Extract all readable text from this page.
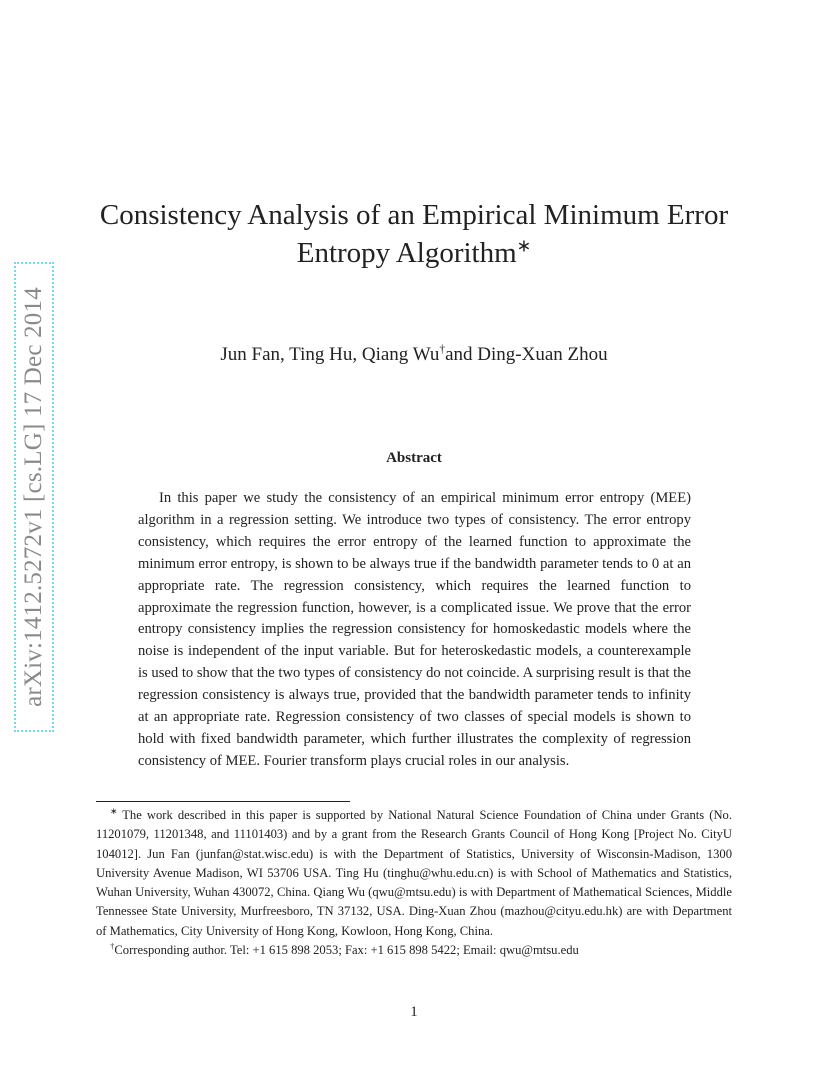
arXiv:1412.5272v1 [cs.LG] 17 Dec 2014
Consistency Analysis of an Empirical Minimum Error
Entropy Algorithm∗
Jun Fan, Ting Hu, Qiang Wu†and Ding-Xuan Zhou
Abstract
In this paper we study the consistency of an empirical minimum error entropy (MEE) algorithm in a regression setting. We introduce two types of consistency. The error entropy consistency, which requires the error entropy of the learned function to approximate the minimum error entropy, is shown to be always true if the bandwidth parameter tends to 0 at an appropriate rate. The regression consistency, which requires the learned function to approximate the regression function, however, is a complicated issue. We prove that the error entropy consistency implies the regression consistency for homoskedastic models where the noise is independent of the input variable. But for heteroskedastic models, a counterexample is used to show that the two types of consistency do not coincide. A surprising result is that the regression consistency is always true, provided that the bandwidth parameter tends to infinity at an appropriate rate. Regression consistency of two classes of special models is shown to hold with fixed bandwidth parameter, which further illustrates the complexity of regression consistency of MEE. Fourier transform plays crucial roles in our analysis.

∗ The work described in this paper is supported by National Natural Science Foundation of China under Grants (No. 11201079, 11201348, and 11101403) and by a grant from the Research Grants Council of Hong Kong [Project No. CityU 104012]. Jun Fan (junfan@stat.wisc.edu) is with the Department of Statistics, University of Wisconsin-Madison, 1300 University Avenue Madison, WI 53706 USA. Ting Hu (tinghu@whu.edu.cn) is with School of Mathematics and Statistics, Wuhan University, Wuhan 430072, China. Qiang Wu (qwu@mtsu.edu) is with Department of Mathematical Sciences, Middle Tennessee State University, Murfreesboro, TN 37132, USA. Ding-Xuan Zhou (mazhou@cityu.edu.hk) are with Department of Mathematics, City University of Hong Kong, Kowloon, Hong Kong, China.

†Corresponding author. Tel: +1 615 898 2053; Fax: +1 615 898 5422; Email: qwu@mtsu.edu

1
